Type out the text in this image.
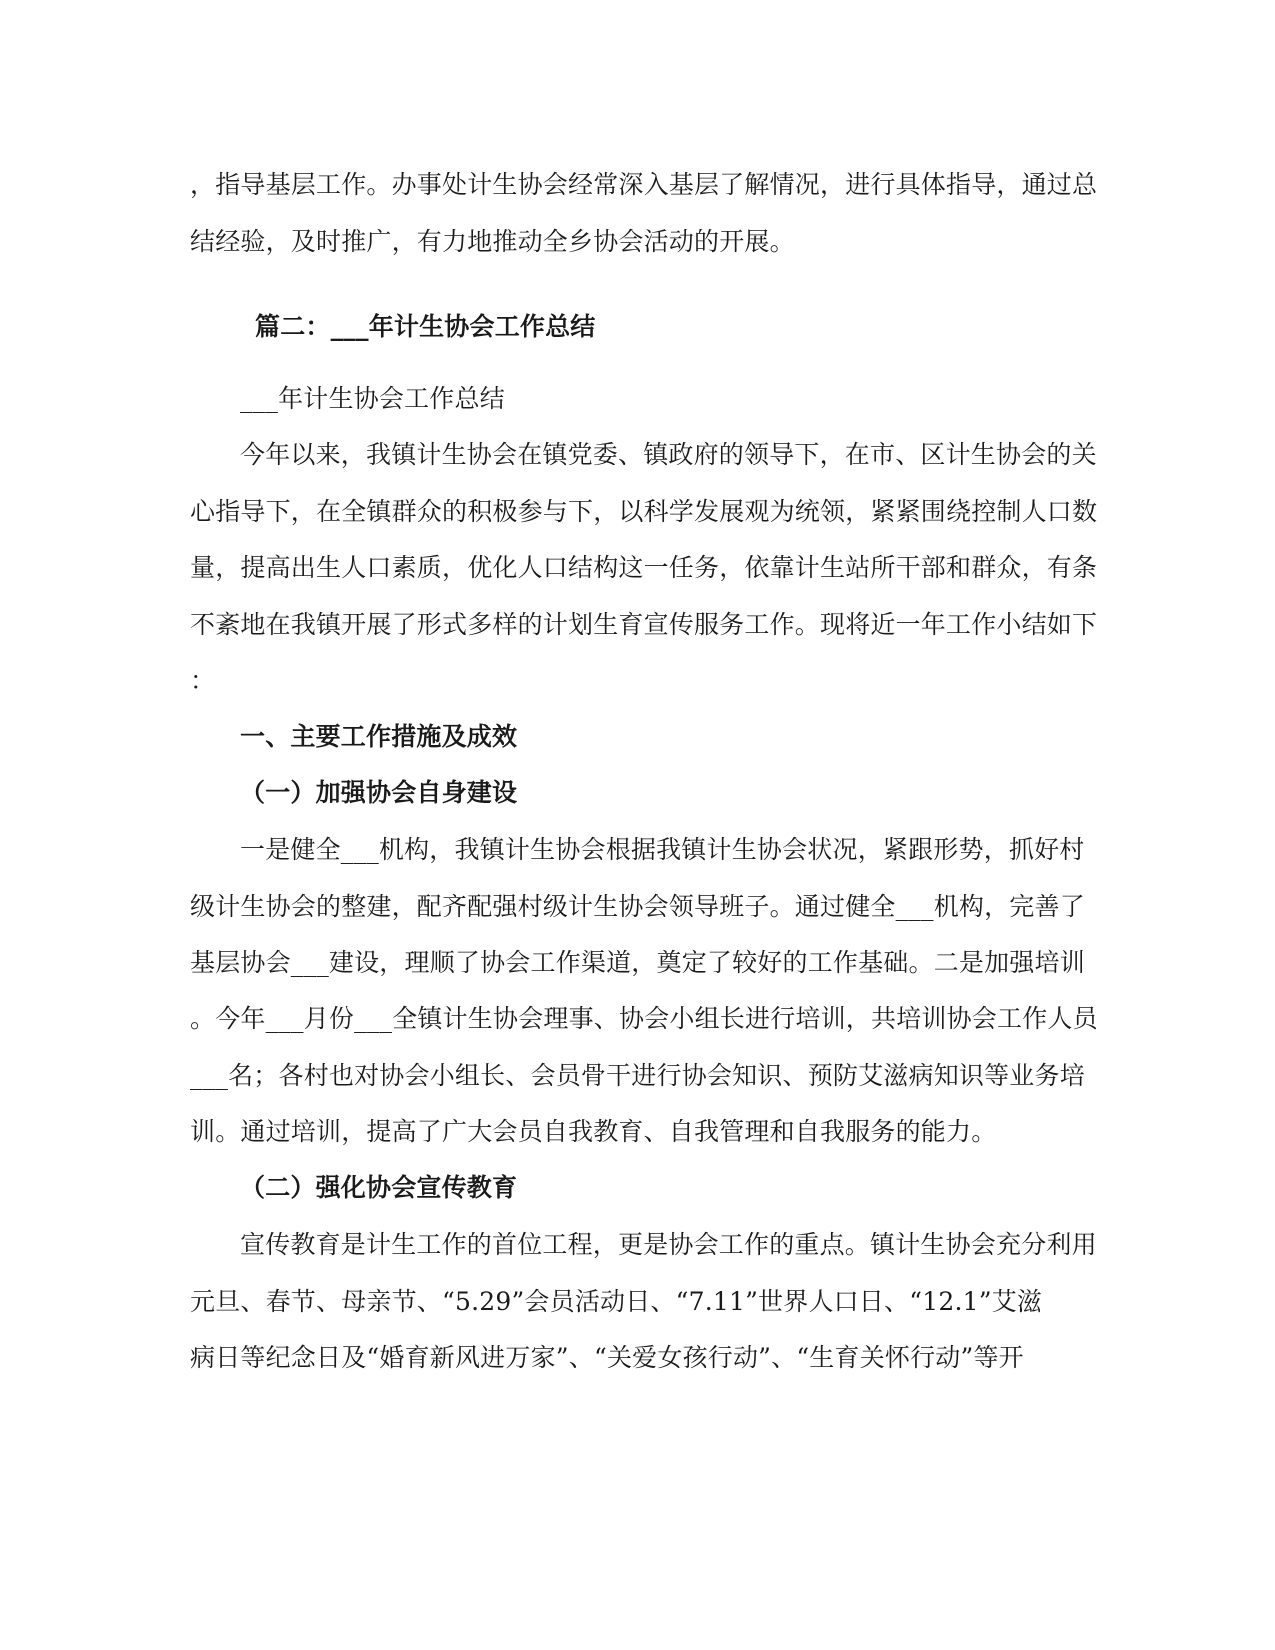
，指导基层工作。办事处计生协会经常深入基层了解情况，进行具体指导，通过总
结经验，及时推广，有力地推动全乡协会活动的开展。
篇二：___年计生协会工作总结
___年计生协会工作总结
今年以来，我镇计生协会在镇党委、镇政府的领导下，在市、区计生协会的关
心指导下，在全镇群众的积极参与下，以科学发展观为统领，紧紧围绕控制人口数
量，提高出生人口素质，优化人口结构这一任务，依靠计生站所干部和群众，有条
不紊地在我镇开展了形式多样的计划生育宣传服务工作。现将近一年工作小结如下
：
一、主要工作措施及成效
（一）加强协会自身建设
一是健全___机构，我镇计生协会根据我镇计生协会状况，紧跟形势，抓好村
级计生协会的整建，配齐配强村级计生协会领导班子。通过健全___机构，完善了
基层协会___建设，理顺了协会工作渠道，奠定了较好的工作基础。二是加强培训
。今年___月份___全镇计生协会理事、协会小组长进行培训，共培训协会工作人员
___名；各村也对协会小组长、会员骨干进行协会知识、预防艾滋病知识等业务培
训。通过培训，提高了广大会员自我教育、自我管理和自我服务的能力。
（二）强化协会宣传教育
宣传教育是计生工作的首位工程，更是协会工作的重点。镇计生协会充分利用
元旦、春节、母亲节、“5.29”会员活动日、“7.11”世界人口日、“12.1”艾滋
病日等纪念日及“婚育新风进万家”、“关爱女孩行动”、“生育关怀行动”等开
